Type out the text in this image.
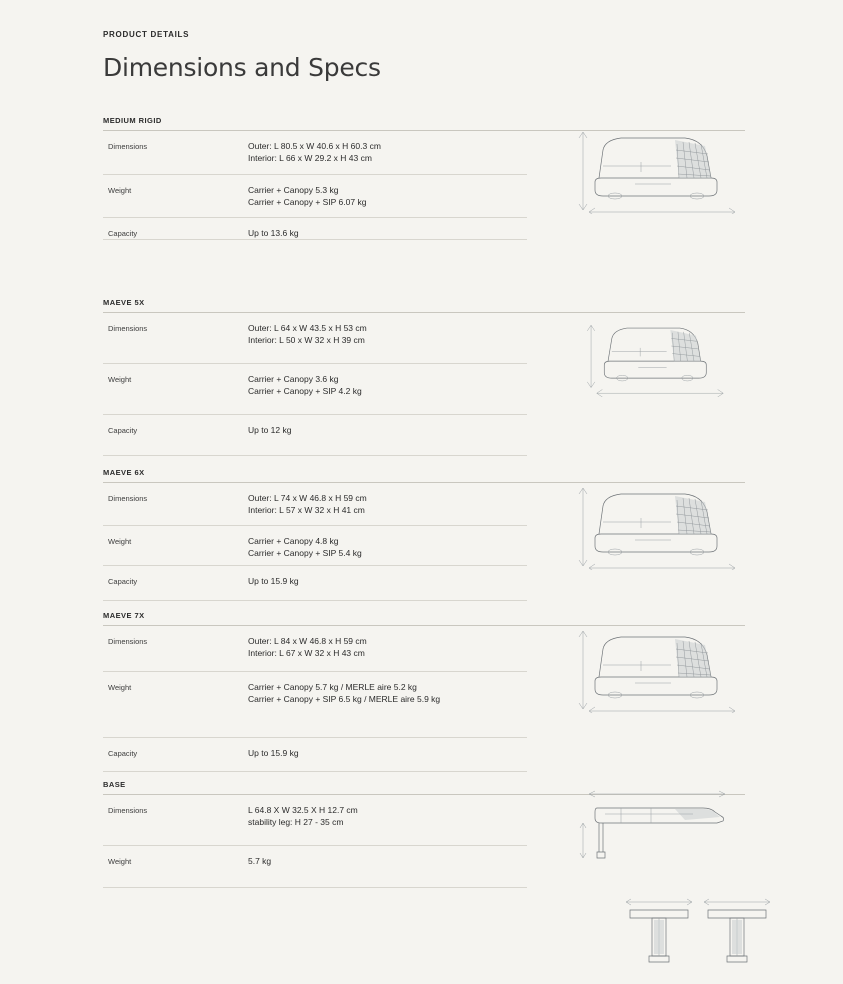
PRODUCT DETAILS
Dimensions and Specs
MEDIUM RIGID
Dimensions	Outer: L 80.5 x W 40.6 x H 60.3 cm
Interior: L 66 x W 29.2 x H 43 cm
Weight	Carrier + Canopy 5.3 kg
Carrier + Canopy + SIP 6.07 kg
Capacity	Up to 13.6 kg
MAEVE 5X
Dimensions	Outer: L 64 x W 43.5 x H 53 cm
Interior: L 50 x W 32 x H 39 cm
Weight	Carrier + Canopy 3.6 kg
Carrier + Canopy + SIP 4.2 kg
Capacity	Up to 12 kg
MAEVE 6X
Dimensions	Outer: L 74 x W 46.8 x H 59 cm
Interior: L 57 x W 32 x H 41 cm
Weight	Carrier + Canopy 4.8 kg
Carrier + Canopy + SIP 5.4 kg
Capacity	Up to 15.9 kg
MAEVE 7X
Dimensions	Outer: L 84 x W 46.8 x H 59 cm
Interior: L 67 x W 32 x H 43 cm
Weight	Carrier + Canopy 5.7 kg / MERLE aire 5.2 kg
Carrier + Canopy + SIP 6.5 kg / MERLE aire 5.9 kg
Capacity	Up to 15.9 kg
BASE
Dimensions	L 64.8 X W 32.5 X H 12.7 cm
stability leg: H 27 - 35 cm
Weight	5.7 kg
